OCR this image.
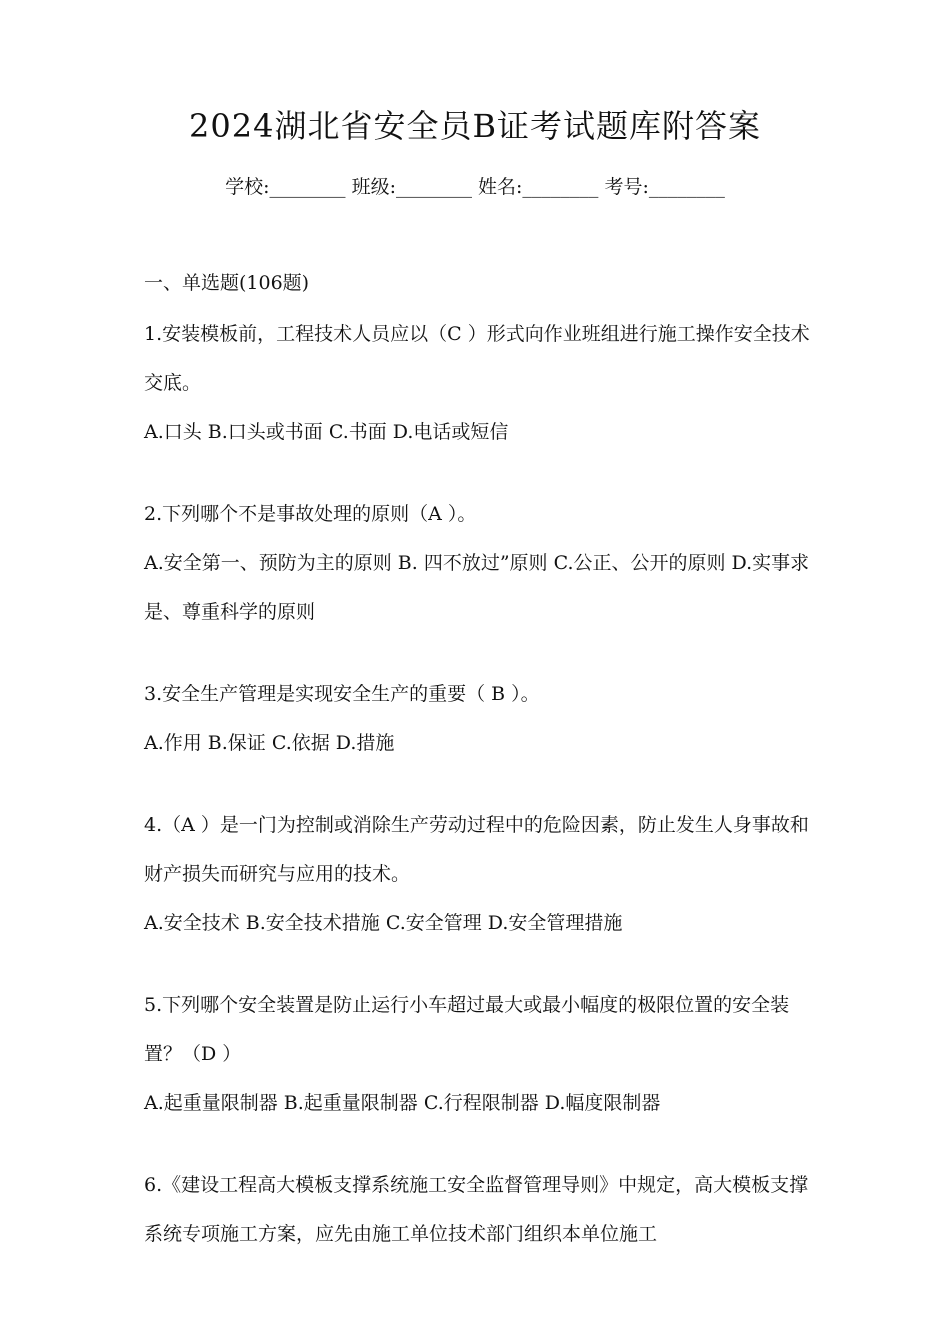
2024湖北省安全员B证考试题库附答案
学校:________ 班级:________ 姓名:________ 考号:________
一、单选题(106题)
1.安装模板前，工程技术人员应以（C ）形式向作业班组进行施工操作安全技术交底。
A.口头 B.口头或书面 C.书面 D.电话或短信
2.下列哪个不是事故处理的原则（A ）。
A.安全第一、预防为主的原则 B. 四不放过”原则 C.公正、公开的原则 D.实事求是、尊重科学的原则
3.安全生产管理是实现安全生产的重要（ B ）。
A.作用 B.保证 C.依据 D.措施
4.（A ）是一门为控制或消除生产劳动过程中的危险因素，防止发生人身事故和财产损失而研究与应用的技术。
A.安全技术 B.安全技术措施 C.安全管理 D.安全管理措施
5.下列哪个安全装置是防止运行小车超过最大或最小幅度的极限位置的安全装置？（D ）
A.起重量限制器 B.起重量限制器 C.行程限制器 D.幅度限制器
6.《建设工程高大模板支撑系统施工安全监督管理导则》中规定，高大模板支撑系统专项施工方案，应先由施工单位技术部门组织本单位施工
